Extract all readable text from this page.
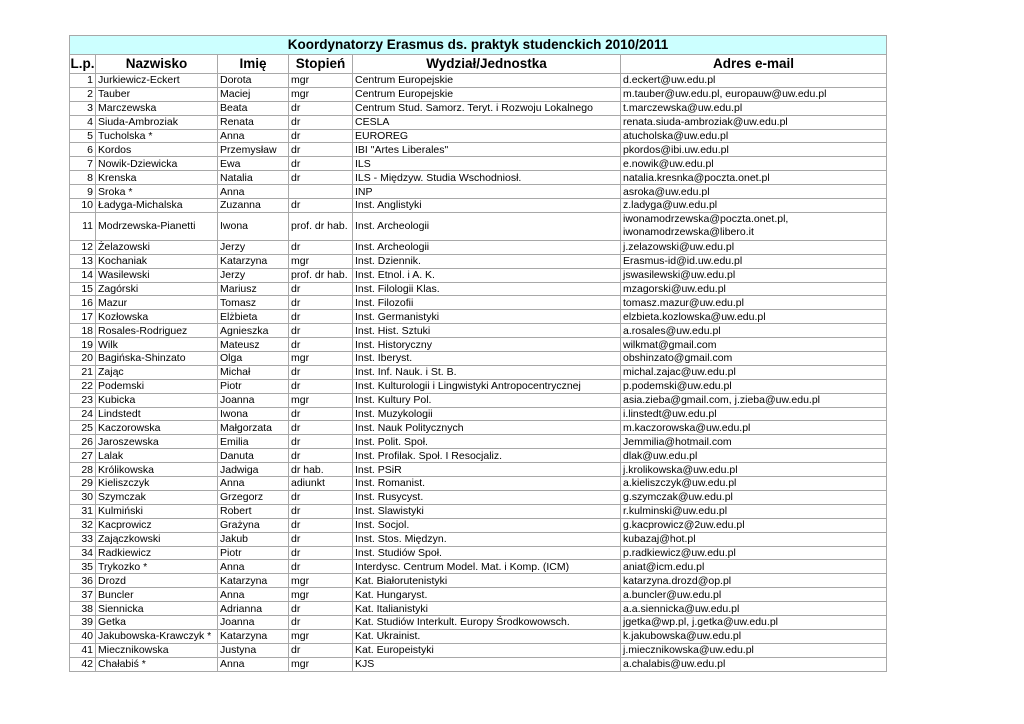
Koordynatorzy Erasmus ds. praktyk studenckich 2010/2011					
L.p.	Nazwisko	Imię	Stopień	Wydział/Jednostka	Adres e-mail
1	Jurkiewicz-Eckert	Dorota	mgr	Centrum Europejskie	d.eckert@uw.edu.pl
2	Tauber	Maciej	mgr	Centrum Europejskie	m.tauber@uw.edu.pl, europauw@uw.edu.pl
3	Marczewska	Beata	dr	Centrum Stud. Samorz. Teryt. i Rozwoju Lokalnego	t.marczewska@uw.edu.pl
4	Siuda-Ambroziak	Renata	dr	CESLA	renata.siuda-ambroziak@uw.edu.pl
5	Tucholska *	Anna	dr	EUROREG	atucholska@uw.edu.pl
6	Kordos	Przemysław	dr	IBI "Artes Liberales"	pkordos@ibi.uw.edu.pl
7	Nowik-Dziewicka	Ewa	dr	ILS	e.nowik@uw.edu.pl
8	Krenska	Natalia	dr	ILS - Międzyw. Studia Wschodniosł.	natalia.kresnka@poczta.onet.pl
9	Sroka *	Anna		INP	asroka@uw.edu.pl
10	Ładyga-Michalska	Zuzanna	dr	Inst. Anglistyki	z.ladyga@uw.edu.pl
11	Modrzewska-Pianetti	Iwona	prof. dr hab.	Inst. Archeologii	iwonamodrzewska@poczta.onet.pl,
iwonamodrzewska@libero.it

12	Żelazowski	Jerzy	dr	Inst. Archeologii	j.zelazowski@uw.edu.pl
13	Kochaniak	Katarzyna	mgr	Inst. Dziennik.	Erasmus-id@id.uw.edu.pl
14	Wasilewski	Jerzy	prof. dr hab.	Inst. Etnol. i A. K.	jswasilewski@uw.edu.pl
15	Zagórski	Mariusz	dr	Inst. Filologii Klas.	mzagorski@uw.edu.pl
16	Mazur	Tomasz	dr	Inst. Filozofii	tomasz.mazur@uw.edu.pl
17	Kozłowska	Elżbieta	dr	Inst. Germanistyki	elzbieta.kozlowska@uw.edu.pl
18	Rosales-Rodriguez	Agnieszka	dr	Inst. Hist. Sztuki	a.rosales@uw.edu.pl
19	Wilk	Mateusz	dr	Inst. Historyczny	wilkmat@gmail.com
20	Bagińska-Shinzato	Olga	mgr	Inst. Iberyst.	obshinzato@gmail.com
21	Zając	Michał	dr	Inst. Inf. Nauk. i St. B.	michal.zajac@uw.edu.pl
22	Podemski	Piotr	dr	Inst. Kulturologii i Lingwistyki Antropocentrycznej	p.podemski@uw.edu.pl
23	Kubicka	Joanna	mgr	Inst. Kultury Pol.	asia.zieba@gmail.com, j.zieba@uw.edu.pl
24	Lindstedt	Iwona	dr	Inst. Muzykologii	i.linstedt@uw.edu.pl
25	Kaczorowska	Małgorzata	dr	Inst. Nauk Politycznych	m.kaczorowska@uw.edu.pl
26	Jaroszewska	Emilia	dr	Inst. Polit. Społ.	Jemmilia@hotmail.com
27	Lalak	Danuta	dr	Inst. Profilak. Społ. I Resocjaliz.	dlak@uw.edu.pl
28	Królikowska	Jadwiga	dr hab.	Inst. PSiR	j.krolikowska@uw.edu.pl
29	Kieliszczyk	Anna	adiunkt	Inst. Romanist.	a.kieliszczyk@uw.edu.pl
30	Szymczak	Grzegorz	dr	Inst. Rusycyst.	g.szymczak@uw.edu.pl
31	Kulmiński	Robert	dr	Inst. Slawistyki	r.kulminski@uw.edu.pl
32	Kacprowicz	Grażyna	dr	Inst. Socjol.	g.kacprowicz@2uw.edu.pl
33	Zajączkowski	Jakub	dr	Inst. Stos. Międzyn.	kubazaj@hot.pl
34	Radkiewicz	Piotr	dr	Inst. Studiów Społ.	p.radkiewicz@uw.edu.pl
35	Trykozko *	Anna	dr	Interdysc. Centrum Model. Mat. i Komp. (ICM)	aniat@icm.edu.pl
36	Drozd	Katarzyna	mgr	Kat. Białorutenistyki	katarzyna.drozd@op.pl
37	Buncler	Anna	mgr	Kat. Hungaryst.	a.buncler@uw.edu.pl
38	Siennicka	Adrianna	dr	Kat. Italianistyki	a.a.siennicka@uw.edu.pl
39	Getka	Joanna	dr	Kat. Studiów Interkult. Europy Środkowowsch.	jgetka@wp.pl, j.getka@uw.edu.pl
40	Jakubowska-Krawczyk *	Katarzyna	mgr	Kat. Ukrainist.	k.jakubowska@uw.edu.pl
41	Miecznikowska	Justyna	dr	Kat. Europeistyki	j.miecznikowska@uw.edu.pl
42	Chałabiś *	Anna	mgr	KJS	a.chalabis@uw.edu.pl
